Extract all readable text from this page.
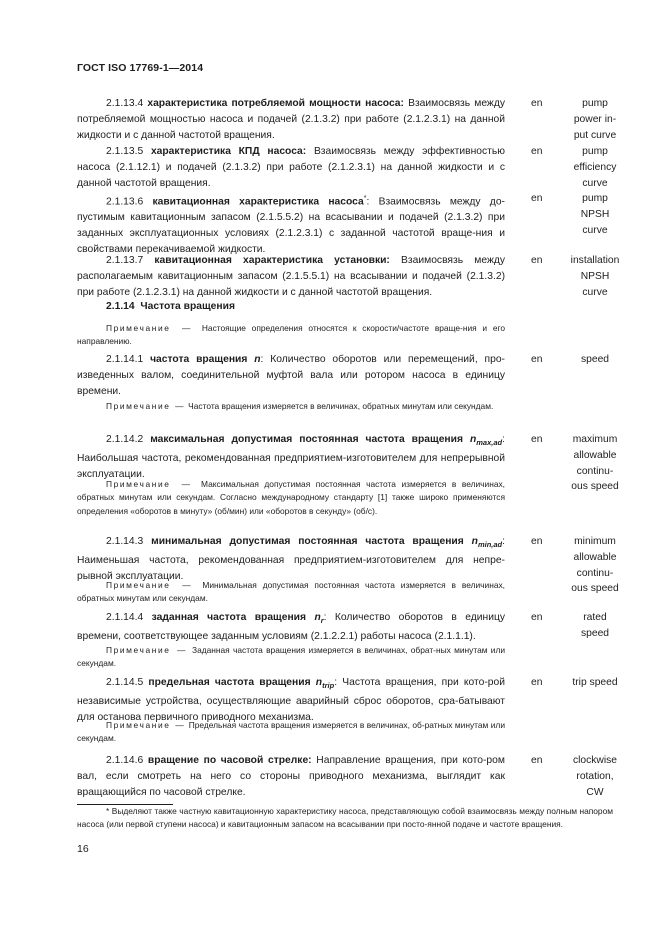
ГОСТ ISO 17769-1—2014
2.1.13.4 характеристика потребляемой мощности насоса: Взаимосвязь между потребляемой мощностью насоса и подачей (2.1.3.2) при работе (2.1.2.3.1) на данной жидкости и с данной частотой вращения.
en	pump
power in-
put curve
2.1.13.5 характеристика КПД насоса: Взаимосвязь между эффективностью насоса (2.1.12.1) и подачей (2.1.3.2) при работе (2.1.2.3.1) на данной жидкости и с данной частотой вращения.
en	pump
efficiency
curve
2.1.13.6 кавитационная характеристика насоса*: Взаимосвязь между до-пустимым кавитационным запасом (2.1.5.5.2) на всасывании и подачей (2.1.3.2) при заданных эксплуатационных условиях (2.1.2.3.1) с заданной частотой враще-ния и свойствами перекачиваемой жидкости.
en	pump
NPSH
curve
2.1.13.7 кавитационная характеристика установки: Взаимосвязь между располагаемым кавитационным запасом (2.1.5.5.1) на всасывании и подачей (2.1.3.2) при работе (2.1.2.3.1) на данной жидкости и с данной частотой вращения.
en	installation
NPSH
curve
2.1.14 Частота вращения
Примечание — Настоящие определения относятся к скорости/частоте враще-ния и его направлению.
2.1.14.1 частота вращения n: Количество оборотов или перемещений, про-изведенных валом, соединительной муфтой вала или ротором насоса в единицу времени.
en	speed
Примечание — Частота вращения измеряется в величинах, обратных минутам или секундам.
2.1.14.2 максимальная допустимая постоянная частота вращения $n_{max,ad}$: Наибольшая частота, рекомендованная предприятием-изготовителем для непрерывной эксплуатации.
en	maximum
allowable
continu-
ous speed
Примечание — Максимальная допустимая постоянная частота измеряется в величинах, обратных минутам или секундам. Согласно международному стандарту [1] также широко применяются определения «оборотов в минуту» (об/мин) или «оборотов в секунду» (об/с).
2.1.14.3 минимальная допустимая постоянная частота вращения $n_{min,ad}$: Наименьшая частота, рекомендованная предприятием-изготовителем для непре-рывной эксплуатации.
en	minimum
allowable
continu-
ous speed
Примечание — Минимальная допустимая постоянная частота измеряется в величинах, обратных минутам или секундам.
2.1.14.4 заданная частота вращения $n_r$: Количество оборотов в единицу времени, соответствующее заданным условиям (2.1.2.2.1) работы насоса (2.1.1.1).
en	rated
speed
Примечание — Заданная частота вращения измеряется в величинах, обрат-ных минутам или секундам.
2.1.14.5 предельная частота вращения $n_{trip}$: Частота вращения, при кото-рой независимые устройства, осуществляющие аварийный сброс оборотов, сра-батывают для останова первичного приводного механизма.
en	trip speed
Примечание — Предельная частота вращения измеряется в величинах, об-ратных минутам или секундам.
2.1.14.6 вращение по часовой стрелке: Направление вращения, при кото-ром вал, если смотреть на него со стороны приводного механизма, выглядит как вращающийся по часовой стрелке.
en	clockwise
rotation,
CW
* Выделяют также частную кавитационную характеристику насоса, представляющую собой взаимосвязь между полным напором насоса (или первой ступени насоса) и кавитационным запасом на всасывании при посто-янной подаче и частоте вращения.
16
